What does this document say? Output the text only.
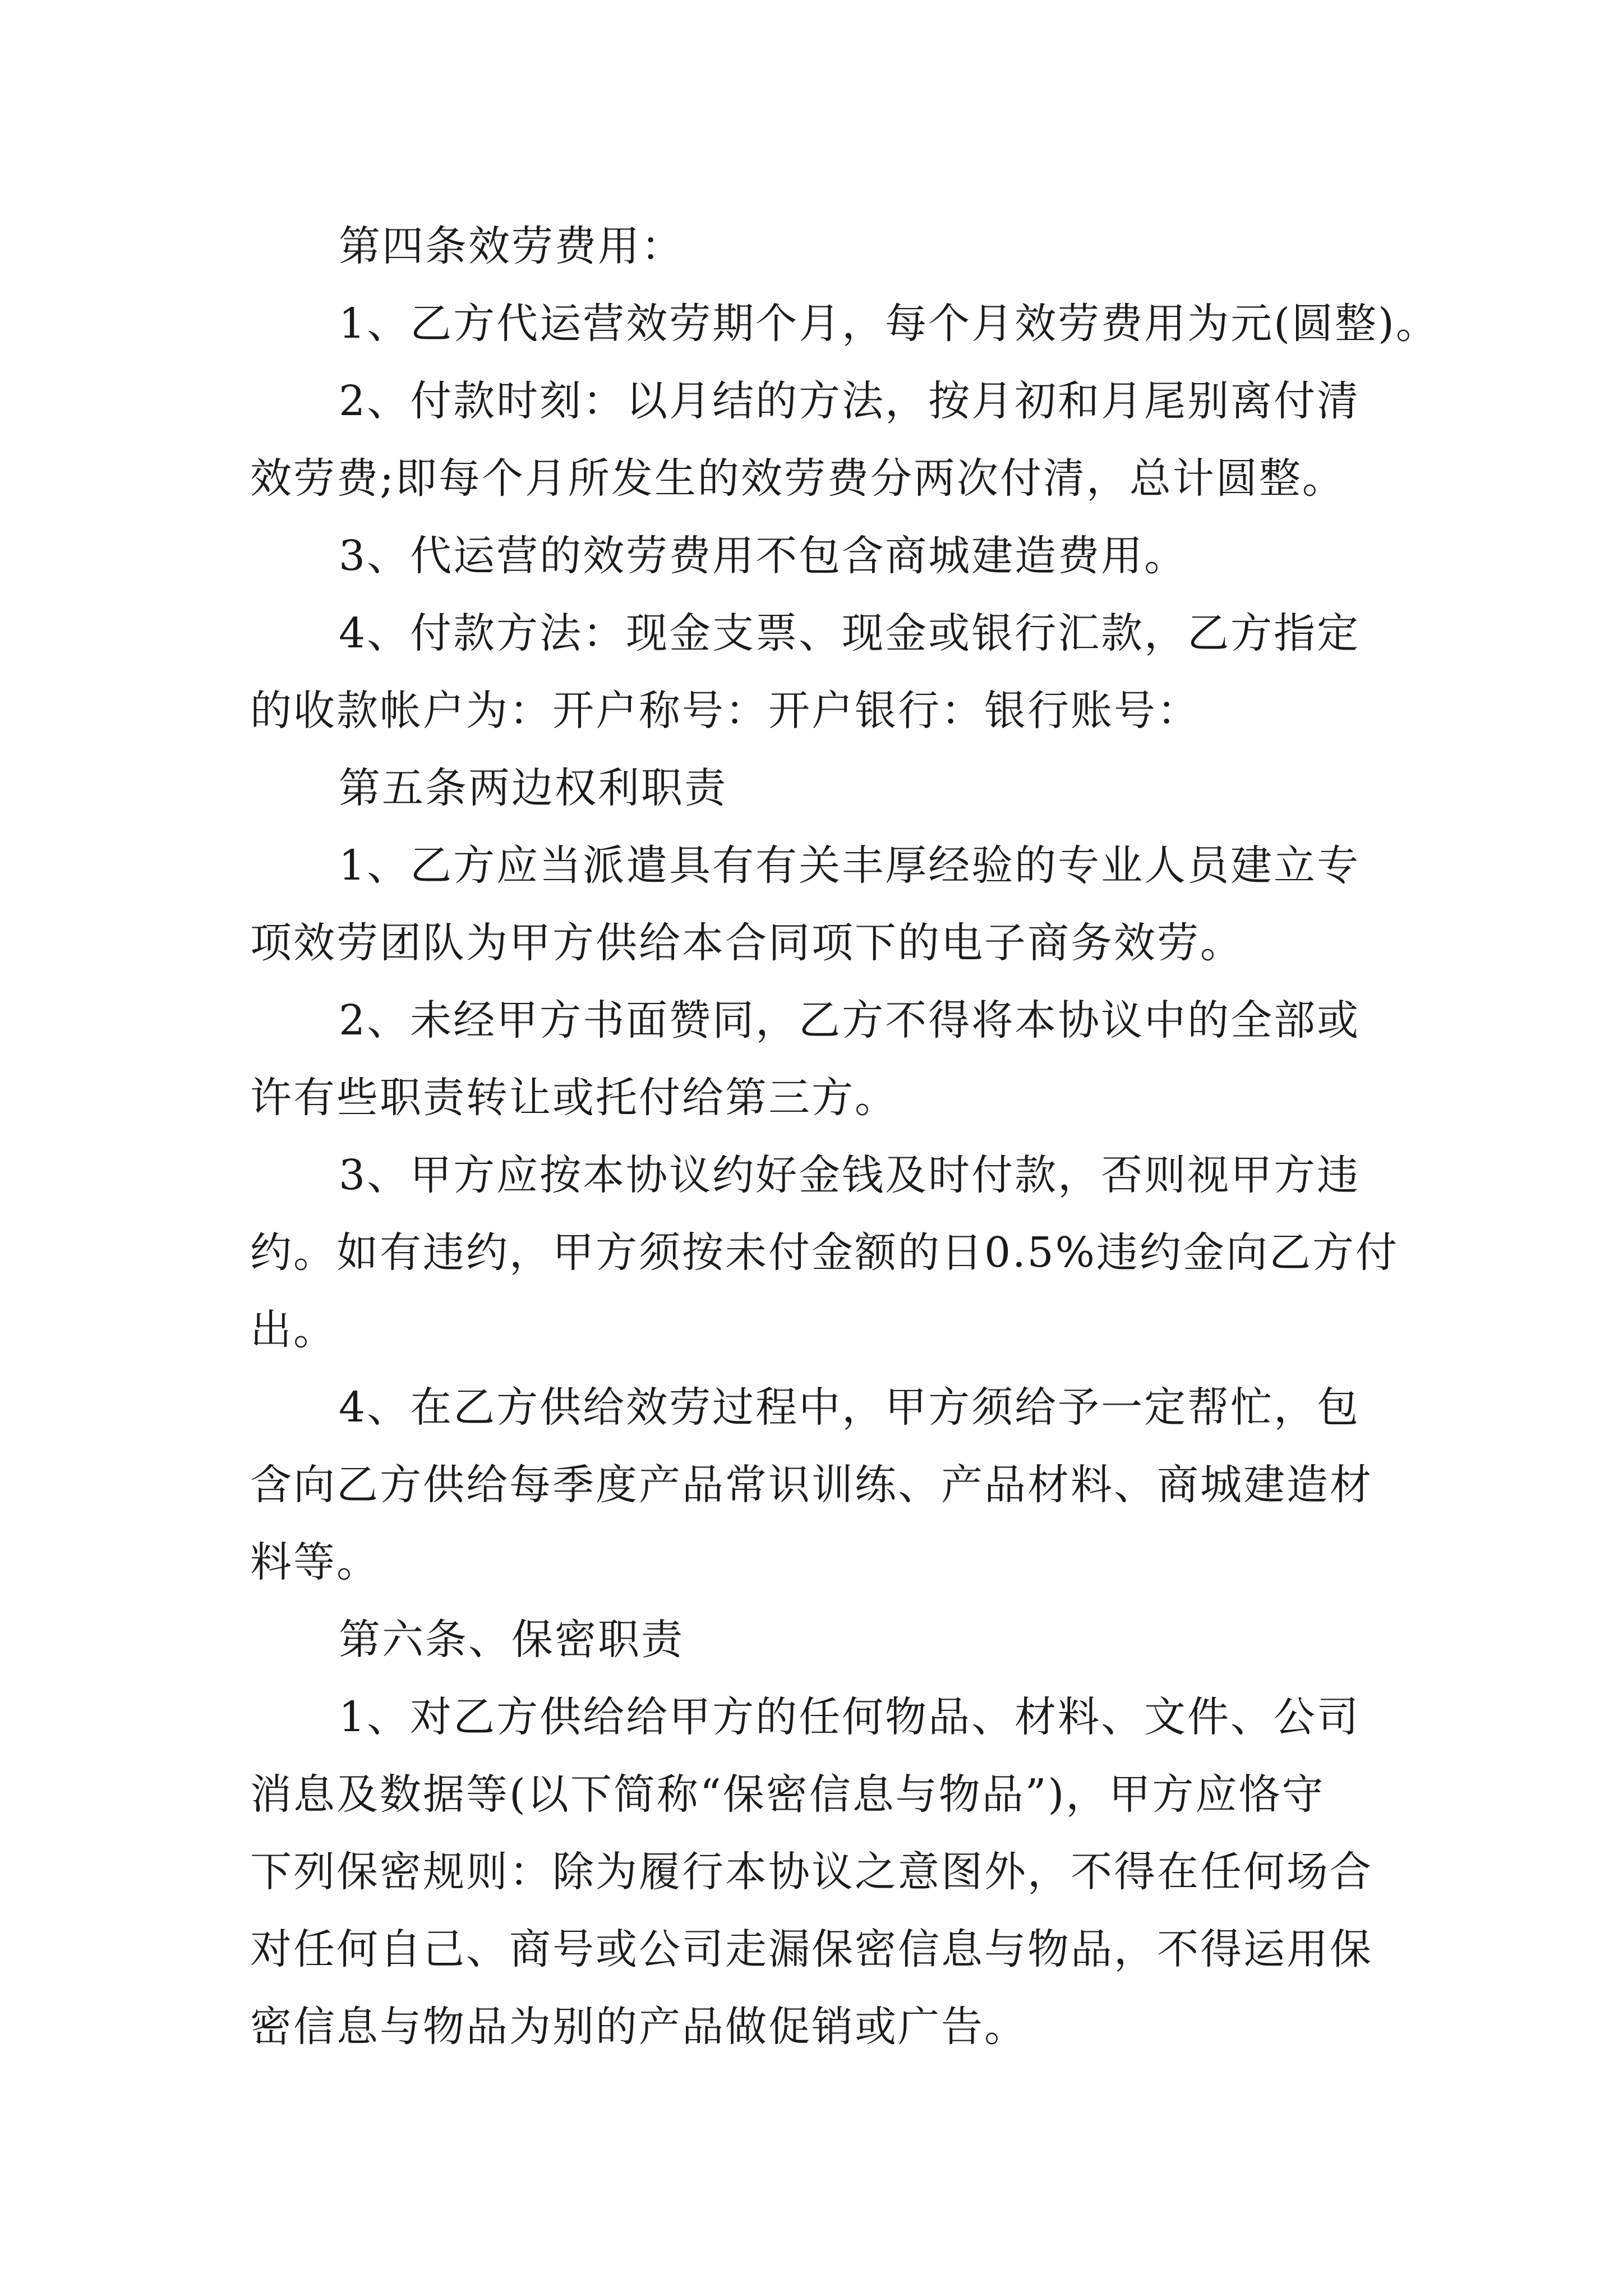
第四条效劳费用：
1、乙方代运营效劳期个月，每个月效劳费用为元(圆整)。
2、付款时刻：以月结的方法，按月初和月尾别离付清
效劳费;即每个月所发生的效劳费分两次付清，总计圆整。
3、代运营的效劳费用不包含商城建造费用。
4、付款方法：现金支票、现金或银行汇款，乙方指定
的收款帐户为：开户称号：开户银行：银行账号：
第五条两边权利职责
1、乙方应当派遣具有有关丰厚经验的专业人员建立专
项效劳团队为甲方供给本合同项下的电子商务效劳。
2、未经甲方书面赞同，乙方不得将本协议中的全部或
许有些职责转让或托付给第三方。
3、甲方应按本协议约好金钱及时付款，否则视甲方违
约。如有违约，甲方须按未付金额的日0.5%违约金向乙方付
出。
4、在乙方供给效劳过程中，甲方须给予一定帮忙，包
含向乙方供给每季度产品常识训练、产品材料、商城建造材
料等。
第六条、保密职责
1、对乙方供给给甲方的任何物品、材料、文件、公司
消息及数据等(以下简称“保密信息与物品”)，甲方应恪守
下列保密规则：除为履行本协议之意图外，不得在任何场合
对任何自己、商号或公司走漏保密信息与物品，不得运用保
密信息与物品为别的产品做促销或广告。
